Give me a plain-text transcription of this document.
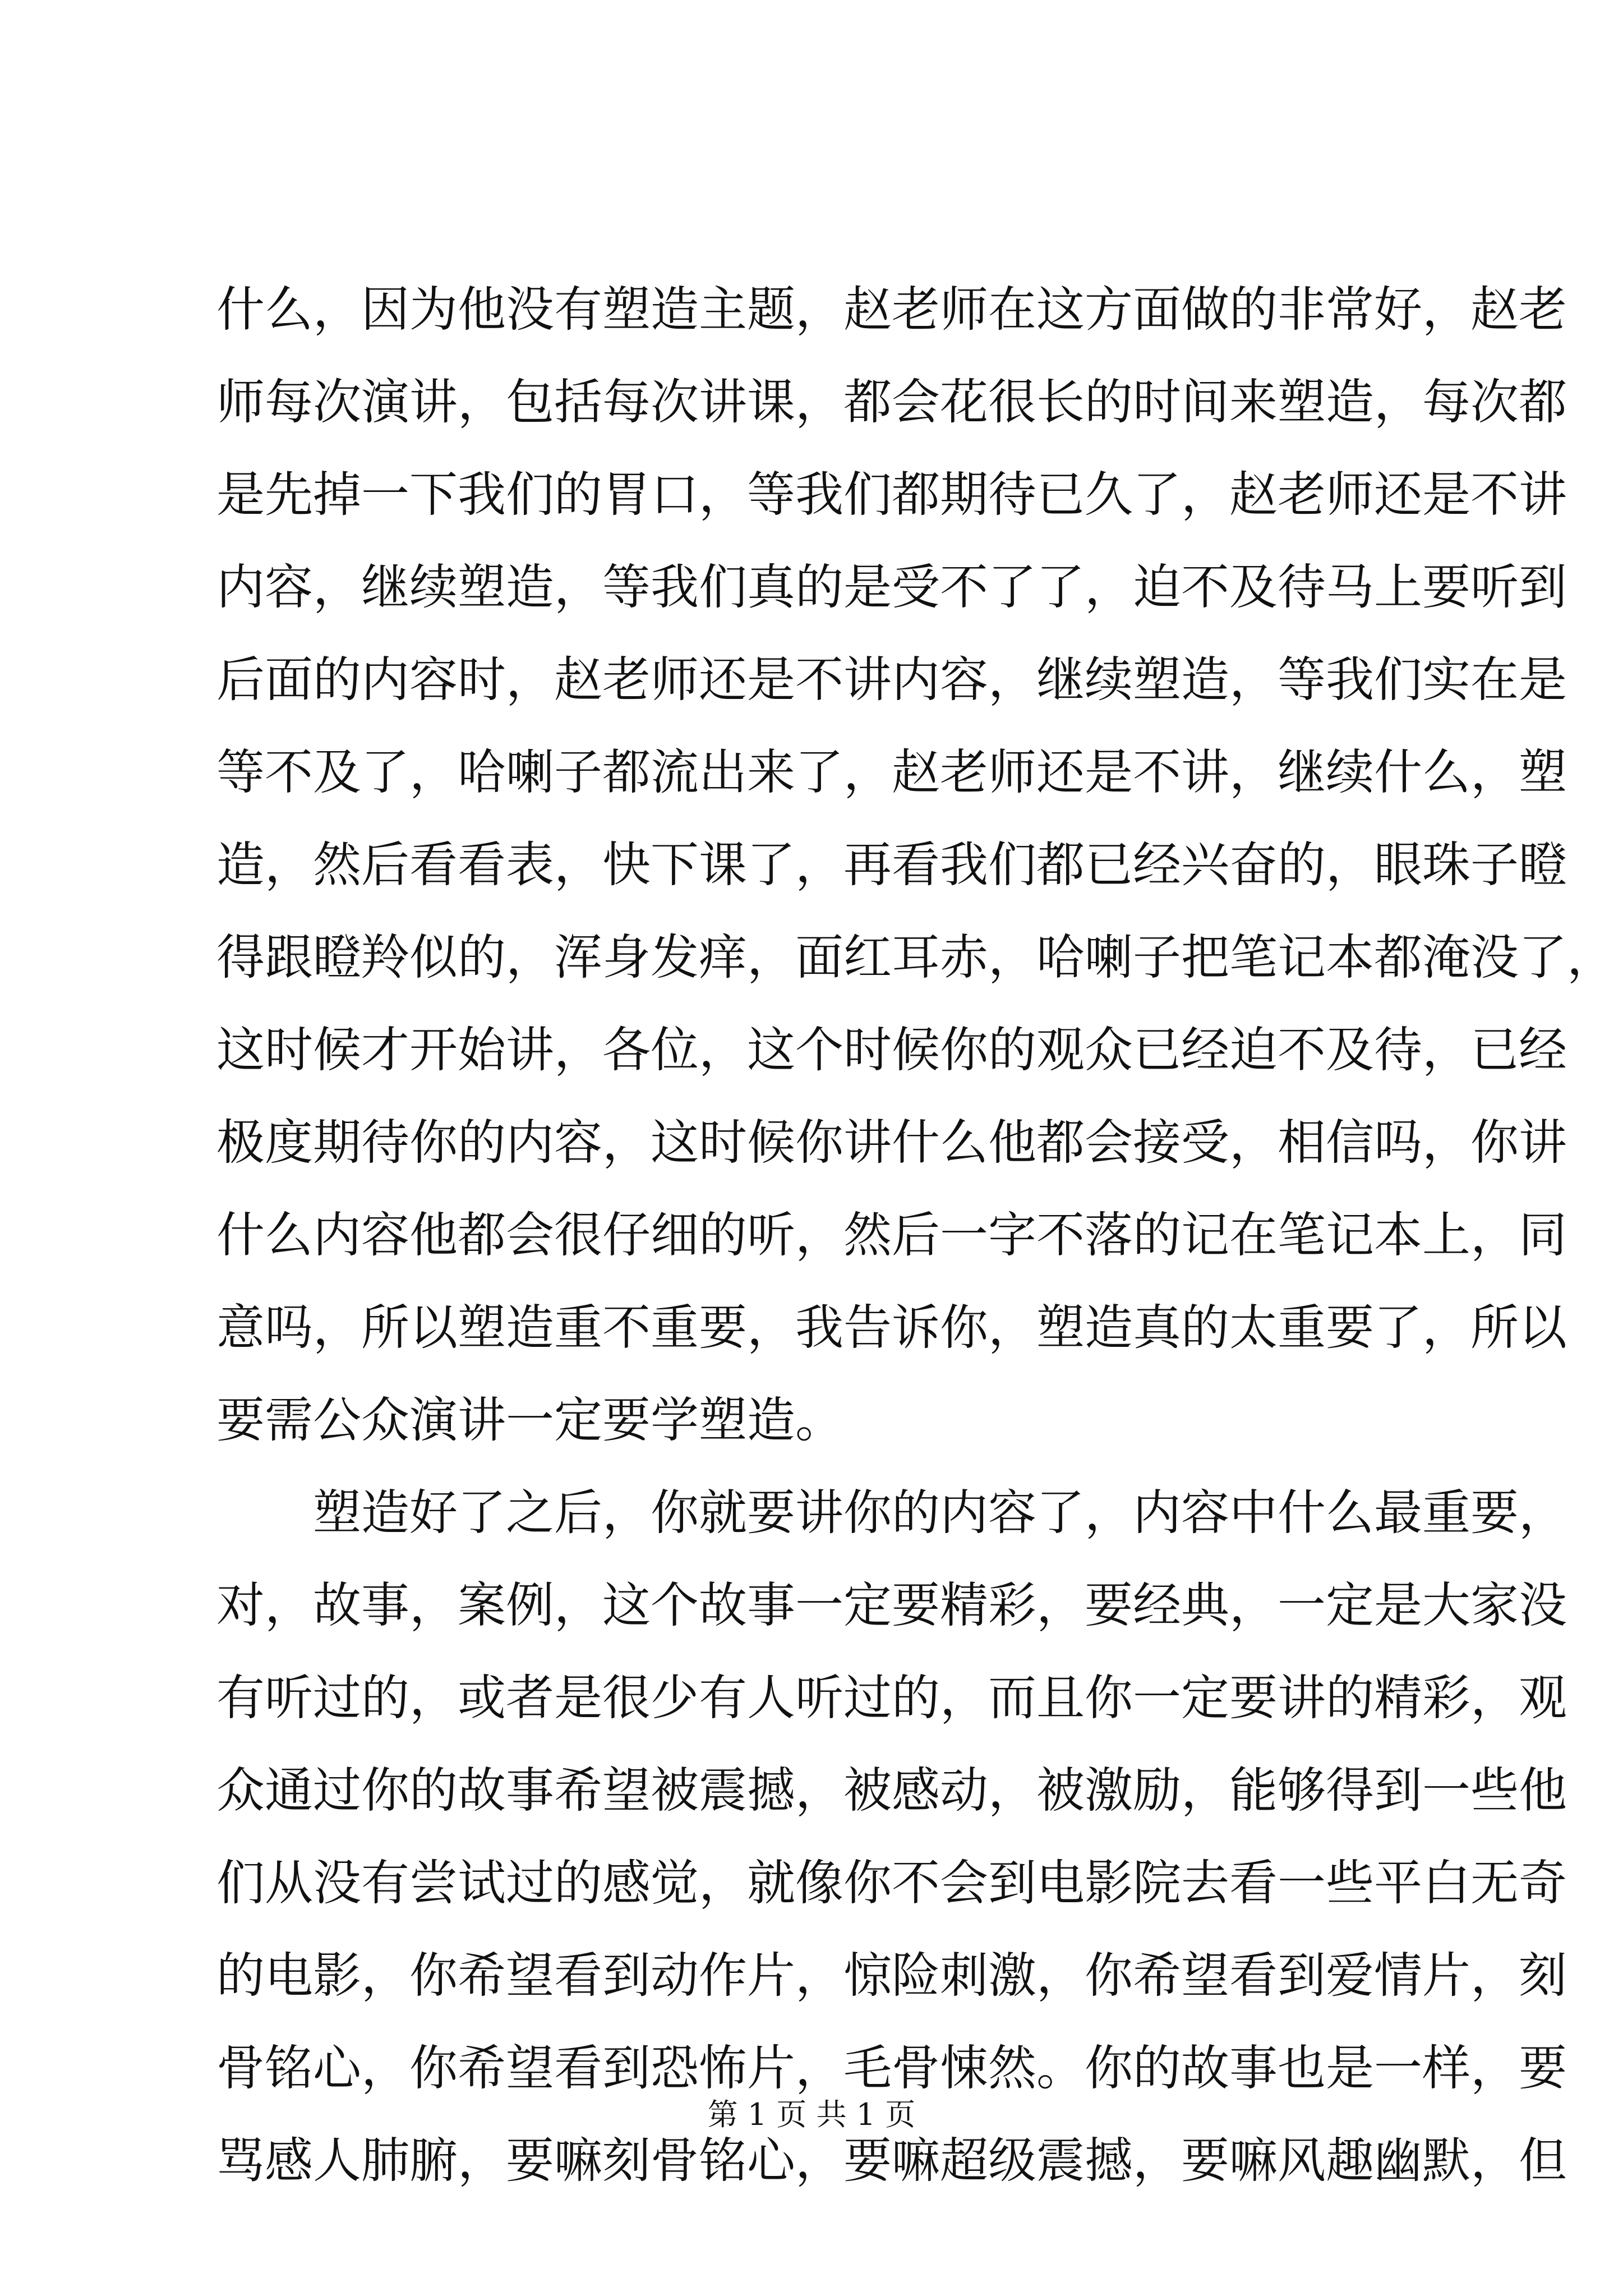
什么，因为他没有塑造主题，赵老师在这方面做的非常好，赵老
师每次演讲，包括每次讲课，都会花很长的时间来塑造，每次都
是先掉一下我们的胃口，等我们都期待已久了，赵老师还是不讲
内容，继续塑造，等我们真的是受不了了，迫不及待马上要听到
后面的内容时，赵老师还是不讲内容，继续塑造，等我们实在是
等不及了，哈喇子都流出来了，赵老师还是不讲，继续什么，塑
造，然后看看表，快下课了，再看我们都已经兴奋的，眼珠子瞪
得跟瞪羚似的，浑身发痒，面红耳赤，哈喇子把笔记本都淹没了，
这时候才开始讲，各位，这个时候你的观众已经迫不及待，已经
极度期待你的内容，这时候你讲什么他都会接受，相信吗，你讲
什么内容他都会很仔细的听，然后一字不落的记在笔记本上，同
意吗，所以塑造重不重要，我告诉你，塑造真的太重要了，所以
要需公众演讲一定要学塑造。
塑造好了之后，你就要讲你的内容了，内容中什么最重要，
对，故事，案例，这个故事一定要精彩，要经典，一定是大家没
有听过的，或者是很少有人听过的，而且你一定要讲的精彩，观
众通过你的故事希望被震撼，被感动，被激励，能够得到一些他
们从没有尝试过的感觉，就像你不会到电影院去看一些平白无奇
的电影，你希望看到动作片，惊险刺激，你希望看到爱情片，刻
骨铭心，你希望看到恐怖片，毛骨悚然。你的故事也是一样，要
骂感人肺腑，要嘛刻骨铭心，要嘛超级震撼，要嘛风趣幽默，但
第 1 页 共 1 页
